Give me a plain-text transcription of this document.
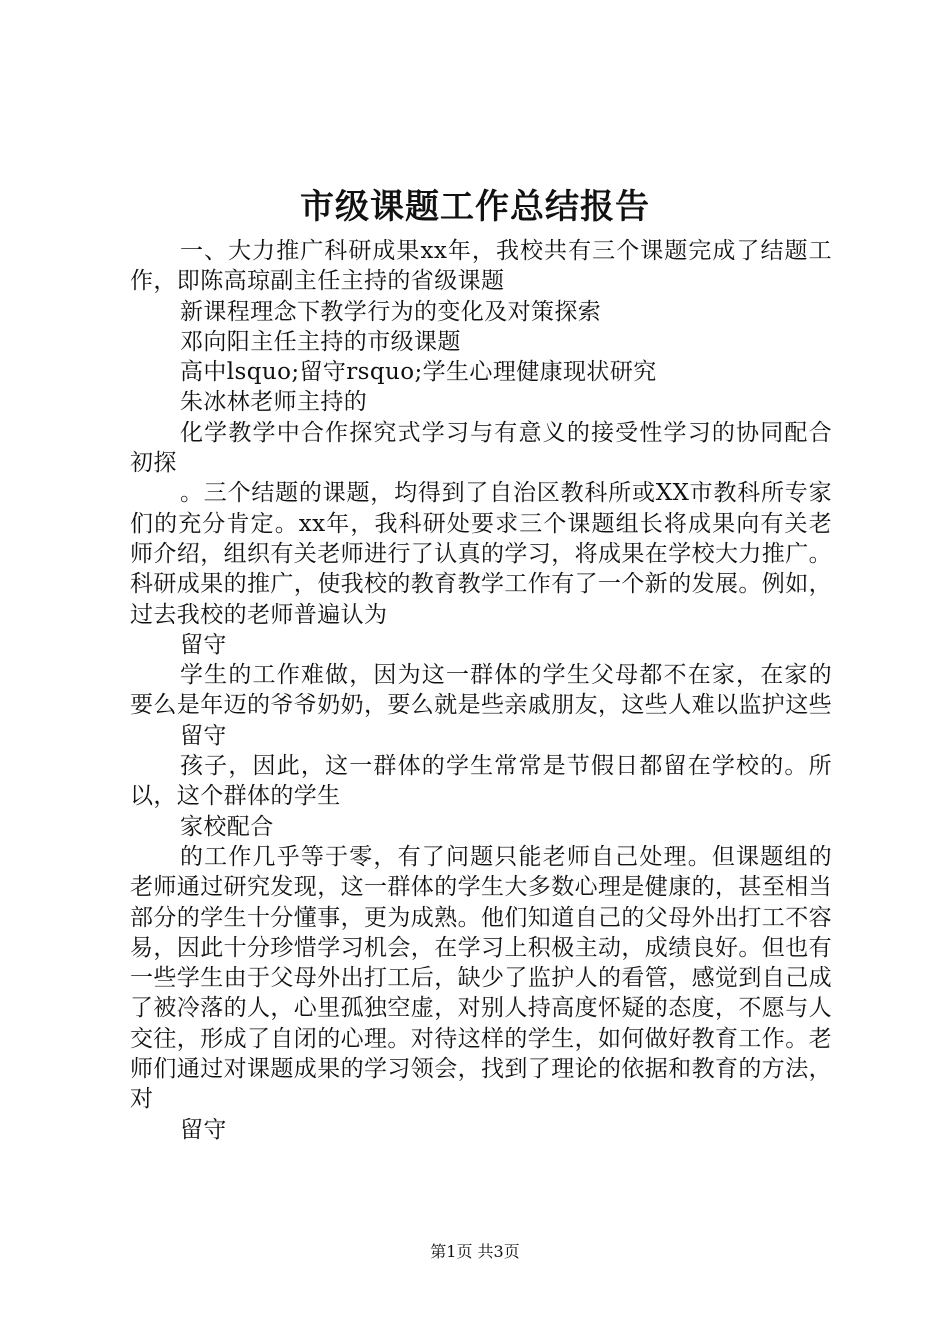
市级课题工作总结报告

一、大力推广科研成果xx年，我校共有三个课题完成了结题工作，即陈高琼副主任主持的省级课题

新课程理念下教学行为的变化及对策探索

邓向阳主任主持的市级课题

高中lsquo;留守rsquo;学生心理健康现状研究

朱冰林老师主持的

化学教学中合作探究式学习与有意义的接受性学习的协同配合初探

。三个结题的课题，均得到了自治区教科所或XX市教科所专家们的充分肯定。xx年，我科研处要求三个课题组长将成果向有关老师介绍，组织有关老师进行了认真的学习，将成果在学校大力推广。科研成果的推广，使我校的教育教学工作有了一个新的发展。例如，过去我校的老师普遍认为

留守

学生的工作难做，因为这一群体的学生父母都不在家，在家的要么是年迈的爷爷奶奶，要么就是些亲戚朋友，这些人难以监护这些

留守

孩子，因此，这一群体的学生常常是节假日都留在学校的。所以，这个群体的学生

家校配合

的工作几乎等于零，有了问题只能老师自己处理。但课题组的老师通过研究发现，这一群体的学生大多数心理是健康的，甚至相当部分的学生十分懂事，更为成熟。他们知道自己的父母外出打工不容易，因此十分珍惜学习机会，在学习上积极主动，成绩良好。但也有一些学生由于父母外出打工后，缺少了监护人的看管，感觉到自己成了被冷落的人，心里孤独空虚，对别人持高度怀疑的态度，不愿与人交往，形成了自闭的心理。对待这样的学生，如何做好教育工作。老师们通过对课题成果的学习领会，找到了理论的依据和教育的方法，对

留守

第1页 共3页
